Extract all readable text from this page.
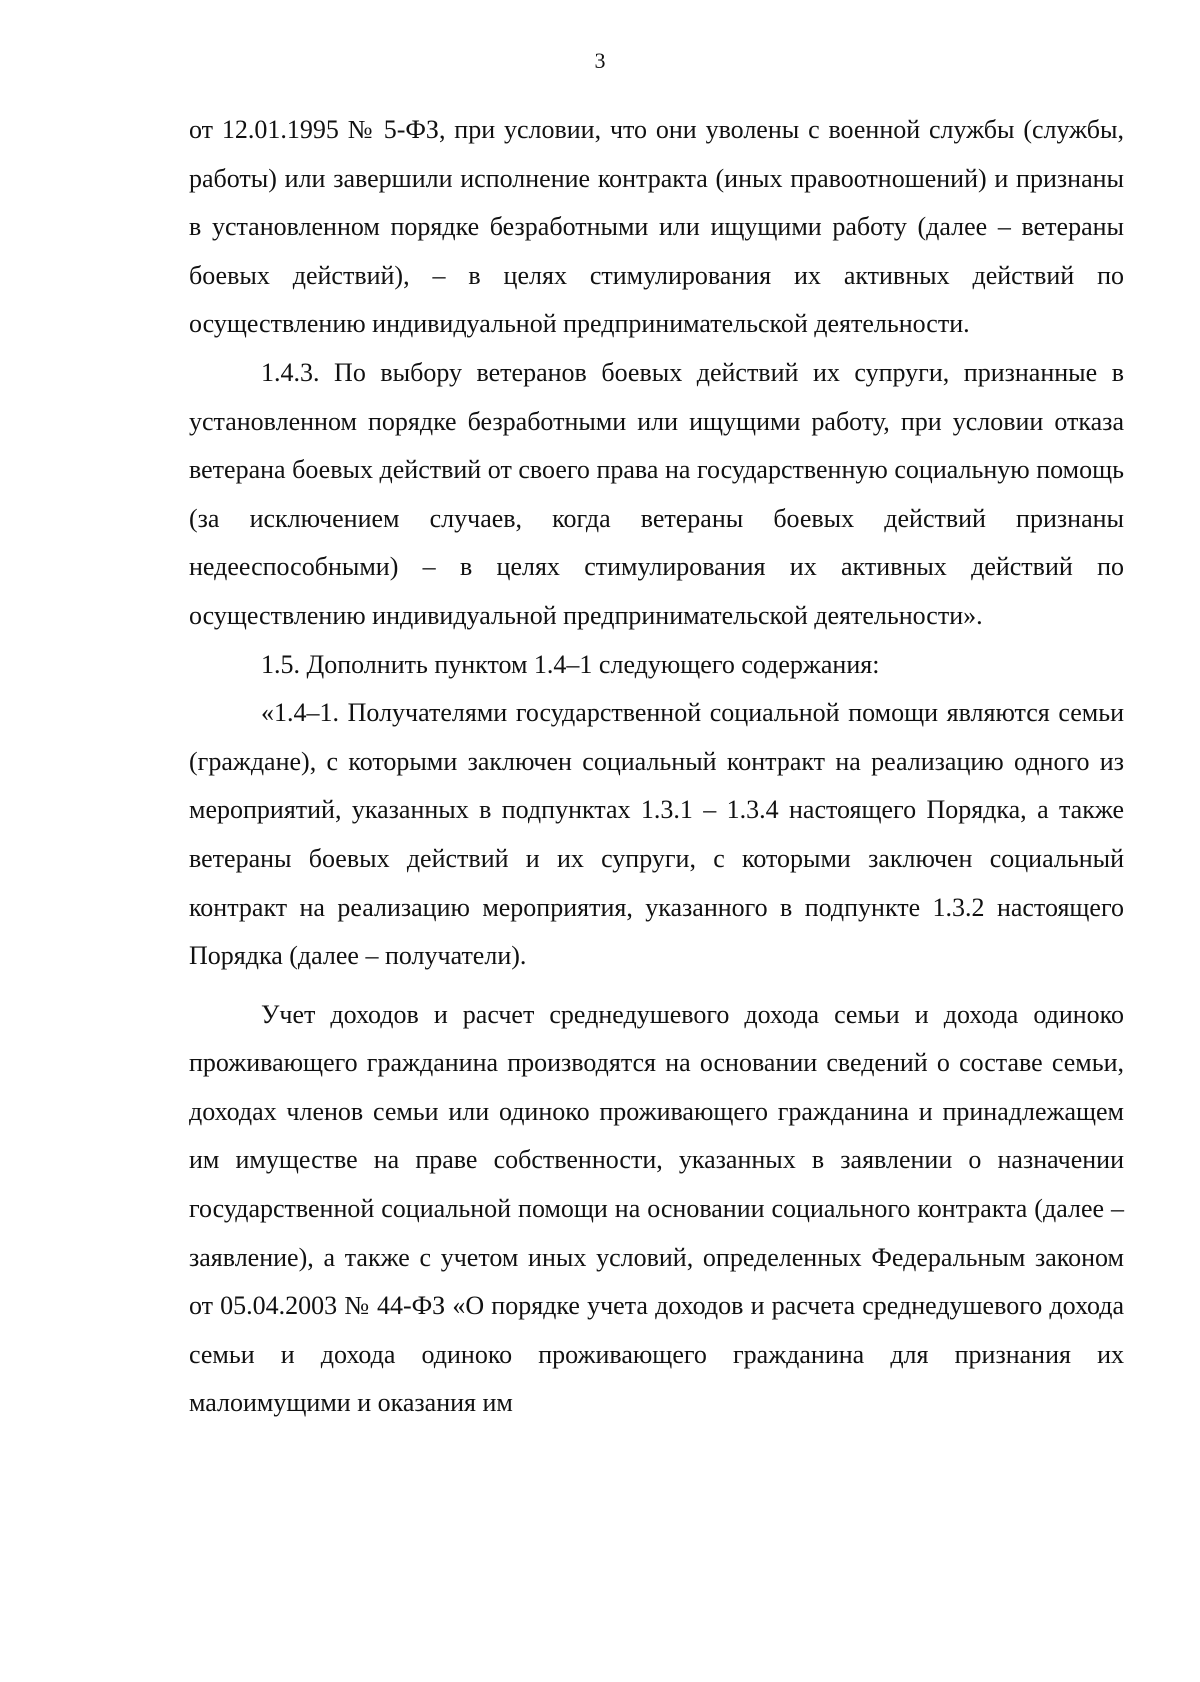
3

от 12.01.1995 № 5-ФЗ, при условии, что они уволены с военной службы (службы, работы) или завершили исполнение контракта (иных правоотношений) и признаны в установленном порядке безработными или ищущими работу (далее – ветераны боевых действий), – в целях стимулирования их активных действий по осуществлению индивидуальной предпринимательской деятельности.

1.4.3. По выбору ветеранов боевых действий их супруги, признанные в установленном порядке безработными или ищущими работу, при условии отказа ветерана боевых действий от своего права на государственную социальную помощь (за исключением случаев, когда ветераны боевых действий признаны недееспособными) – в целях стимулирования их активных действий по осуществлению индивидуальной предпринимательской деятельности».

1.5. Дополнить пунктом 1.4–1 следующего содержания:

«1.4–1. Получателями государственной социальной помощи являются семьи (граждане), с которыми заключен социальный контракт на реализацию одного из мероприятий, указанных в подпунктах 1.3.1 – 1.3.4 настоящего Порядка, а также ветераны боевых действий и их супруги, с которыми заключен социальный контракт на реализацию мероприятия, указанного в подпункте 1.3.2 настоящего Порядка (далее – получатели).

Учет доходов и расчет среднедушевого дохода семьи и дохода одиноко проживающего гражданина производятся на основании сведений о составе семьи, доходах членов семьи или одиноко проживающего гражданина и принадлежащем им имуществе на праве собственности, указанных в заявлении о назначении государственной социальной помощи на основании социального контракта (далее – заявление), а также с учетом иных условий, определенных Федеральным законом от 05.04.2003 № 44-ФЗ «О порядке учета доходов и расчета среднедушевого дохода семьи и дохода одиноко проживающего гражданина для признания их малоимущими и оказания им
